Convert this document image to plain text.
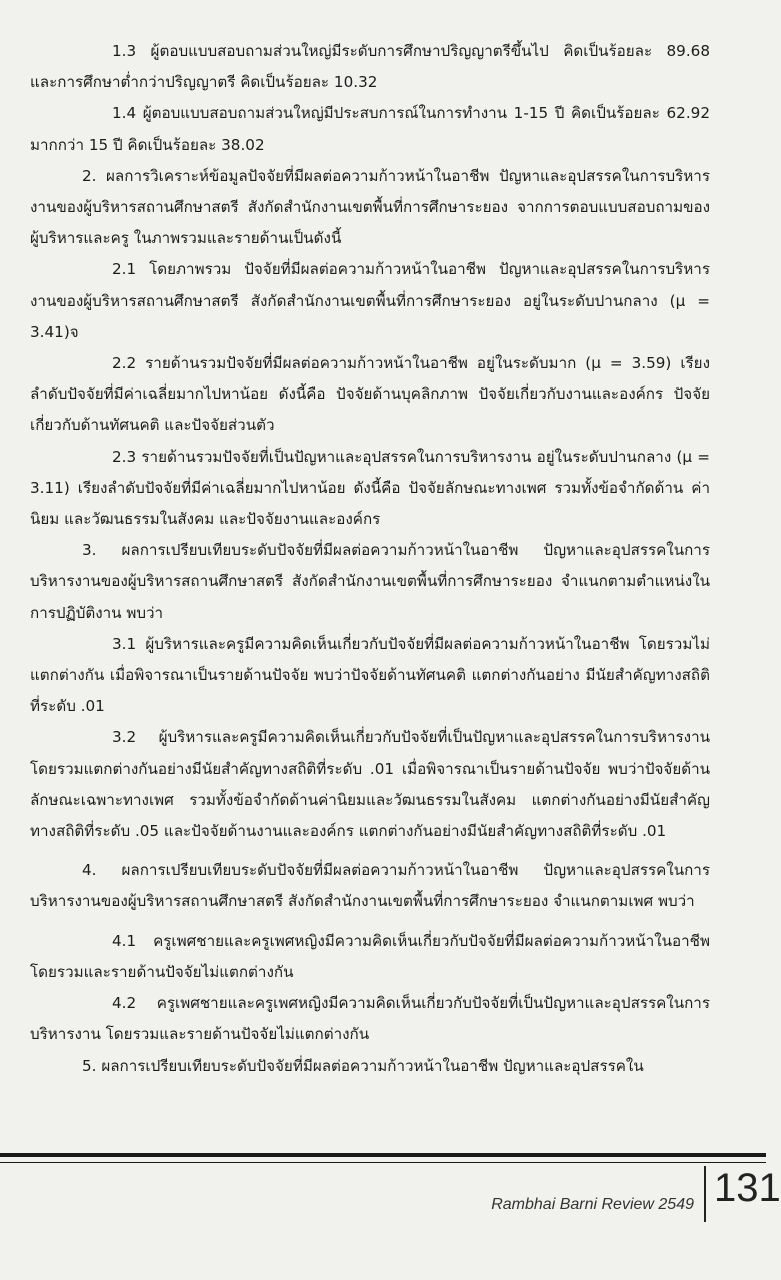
1.3 ผู้ตอบแบบสอบถามส่วนใหญ่มีระดับการศึกษาปริญญาตรีขึ้นไป คิดเป็นร้อยละ 89.68 และการศึกษาต่ำกว่าปริญญาตรี คิดเป็นร้อยละ 10.32

1.4 ผู้ตอบแบบสอบถามส่วนใหญ่มีประสบการณ์ในการทำงาน 1-15 ปี คิดเป็นร้อยละ 62.92 มากกว่า 15 ปี คิดเป็นร้อยละ 38.02

2. ผลการวิเคราะห์ข้อมูลปัจจัยที่มีผลต่อความก้าวหน้าในอาชีพ ปัญหาและอุปสรรคในการบริหารงานของผู้บริหารสถานศึกษาสตรี สังกัดสำนักงานเขตพื้นที่การศึกษาระยอง จากการตอบแบบสอบถามของผู้บริหารและครู ในภาพรวมและรายด้านเป็นดังนี้

2.1 โดยภาพรวม ปัจจัยที่มีผลต่อความก้าวหน้าในอาชีพ ปัญหาและอุปสรรคในการบริหารงานของผู้บริหารสถานศึกษาสตรี สังกัดสำนักงานเขตพื้นที่การศึกษาระยอง อยู่ในระดับปานกลาง (μ = 3.41)จ

2.2 รายด้านรวมปัจจัยที่มีผลต่อความก้าวหน้าในอาชีพ อยู่ในระดับมาก (μ = 3.59) เรียงลำดับปัจจัยที่มีค่าเฉลี่ยมากไปหาน้อย ดังนี้คือ ปัจจัยด้านบุคลิกภาพ ปัจจัยเกี่ยวกับงานและองค์กร ปัจจัยเกี่ยวกับด้านทัศนคติ และปัจจัยส่วนตัว

2.3 รายด้านรวมปัจจัยที่เป็นปัญหาและอุปสรรคในการบริหารงาน อยู่ในระดับปานกลาง (μ = 3.11) เรียงลำดับปัจจัยที่มีค่าเฉลี่ยมากไปหาน้อย ดังนี้คือ ปัจจัยลักษณะทางเพศ รวมทั้งข้อจำกัดด้าน ค่านิยม และวัฒนธรรมในสังคม และปัจจัยงานและองค์กร

3. ผลการเปรียบเทียบระดับปัจจัยที่มีผลต่อความก้าวหน้าในอาชีพ ปัญหาและอุปสรรคในการบริหารงานของผู้บริหารสถานศึกษาสตรี สังกัดสำนักงานเขตพื้นที่การศึกษาระยอง จำแนกตามตำแหน่งในการปฏิบัติงาน พบว่า

3.1 ผู้บริหารและครูมีความคิดเห็นเกี่ยวกับปัจจัยที่มีผลต่อความก้าวหน้าในอาชีพ โดยรวมไม่แตกต่างกัน เมื่อพิจารณาเป็นรายด้านปัจจัย พบว่าปัจจัยด้านทัศนคติ แตกต่างกันอย่าง มีนัยสำคัญทางสถิติที่ระดับ .01

3.2 ผู้บริหารและครูมีความคิดเห็นเกี่ยวกับปัจจัยที่เป็นปัญหาและอุปสรรคในการบริหารงาน โดยรวมแตกต่างกันอย่างมีนัยสำคัญทางสถิติที่ระดับ .01 เมื่อพิจารณาเป็นรายด้านปัจจัย พบว่าปัจจัยด้านลักษณะเฉพาะทางเพศ รวมทั้งข้อจำกัดด้านค่านิยมและวัฒนธรรมในสังคม แตกต่างกันอย่างมีนัยสำคัญทางสถิติที่ระดับ .05 และปัจจัยด้านงานและองค์กร แตกต่างกันอย่างมีนัยสำคัญทางสถิติที่ระดับ .01

4. ผลการเปรียบเทียบระดับปัจจัยที่มีผลต่อความก้าวหน้าในอาชีพ ปัญหาและอุปสรรคในการบริหารงานของผู้บริหารสถานศึกษาสตรี สังกัดสำนักงานเขตพื้นที่การศึกษาระยอง จำแนกตามเพศ พบว่า

4.1 ครูเพศชายและครูเพศหญิงมีความคิดเห็นเกี่ยวกับปัจจัยที่มีผลต่อความก้าวหน้าในอาชีพ โดยรวมและรายด้านปัจจัยไม่แตกต่างกัน

4.2 ครูเพศชายและครูเพศหญิงมีความคิดเห็นเกี่ยวกับปัจจัยที่เป็นปัญหาและอุปสรรคในการบริหารงาน โดยรวมและรายด้านปัจจัยไม่แตกต่างกัน

5. ผลการเปรียบเทียบระดับปัจจัยที่มีผลต่อความก้าวหน้าในอาชีพ ปัญหาและอุปสรรคใน

Rambhai Barni Review 2549 131
